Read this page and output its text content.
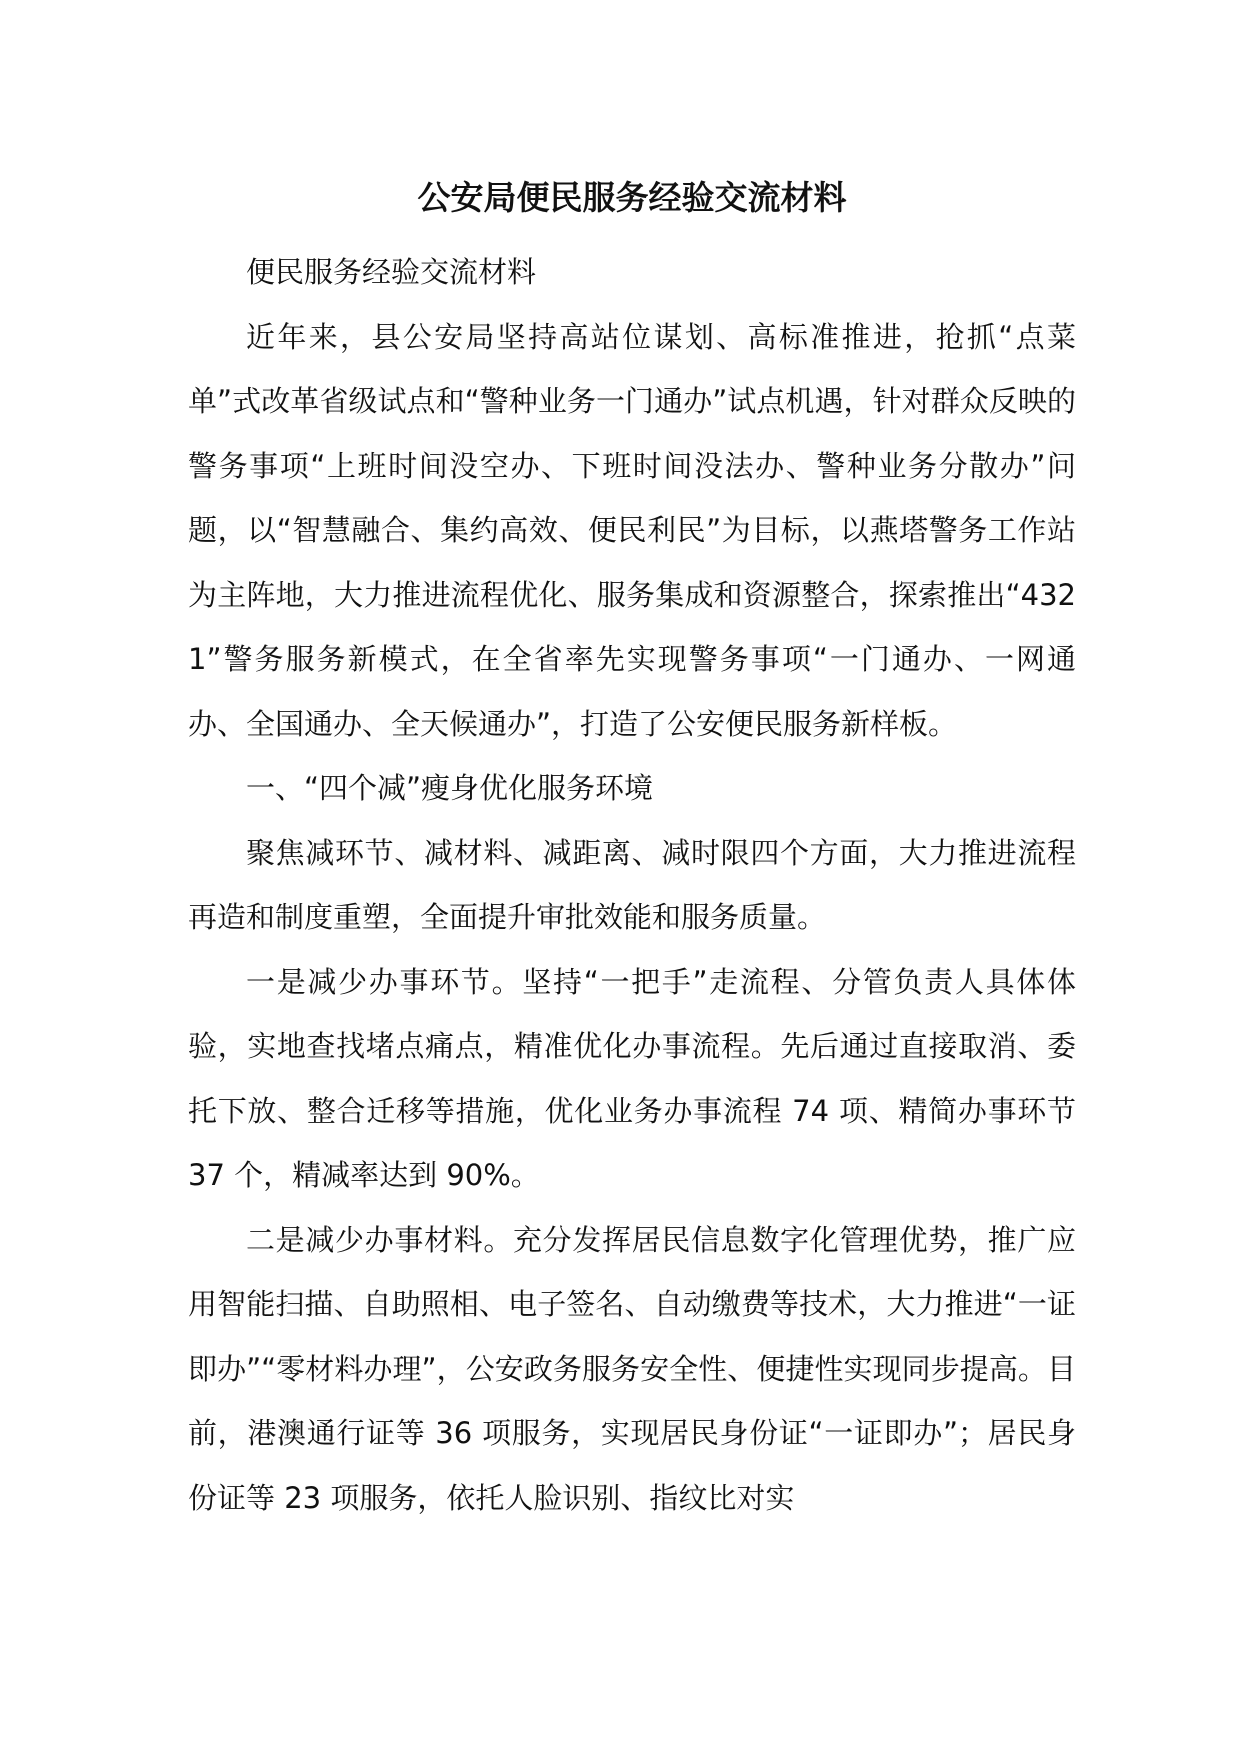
公安局便民服务经验交流材料

便民服务经验交流材料

近年来，县公安局坚持高站位谋划、高标准推进，抢抓“点菜单”式改革省级试点和“警种业务一门通办”试点机遇，针对群众反映的警务事项“上班时间没空办、下班时间没法办、警种业务分散办”问题，以“智慧融合、集约高效、便民利民”为目标，以燕塔警务工作站为主阵地，大力推进流程优化、服务集成和资源整合，探索推出“4321”警务服务新模式，在全省率先实现警务事项“一门通办、一网通办、全国通办、全天候通办”，打造了公安便民服务新样板。

一、“四个减”瘦身优化服务环境

聚焦减环节、减材料、减距离、减时限四个方面，大力推进流程再造和制度重塑，全面提升审批效能和服务质量。

一是减少办事环节。坚持“一把手”走流程、分管负责人具体体验，实地查找堵点痛点，精准优化办事流程。先后通过直接取消、委托下放、整合迁移等措施，优化业务办事流程 74 项、精简办事环节 37 个，精减率达到 90%。

二是减少办事材料。充分发挥居民信息数字化管理优势，推广应用智能扫描、自助照相、电子签名、自动缴费等技术，大力推进“一证即办”“零材料办理”，公安政务服务安全性、便捷性实现同步提高。目前，港澳通行证等 36 项服务，实现居民身份证“一证即办”；居民身份证等 23 项服务，依托人脸识别、指纹比对实
